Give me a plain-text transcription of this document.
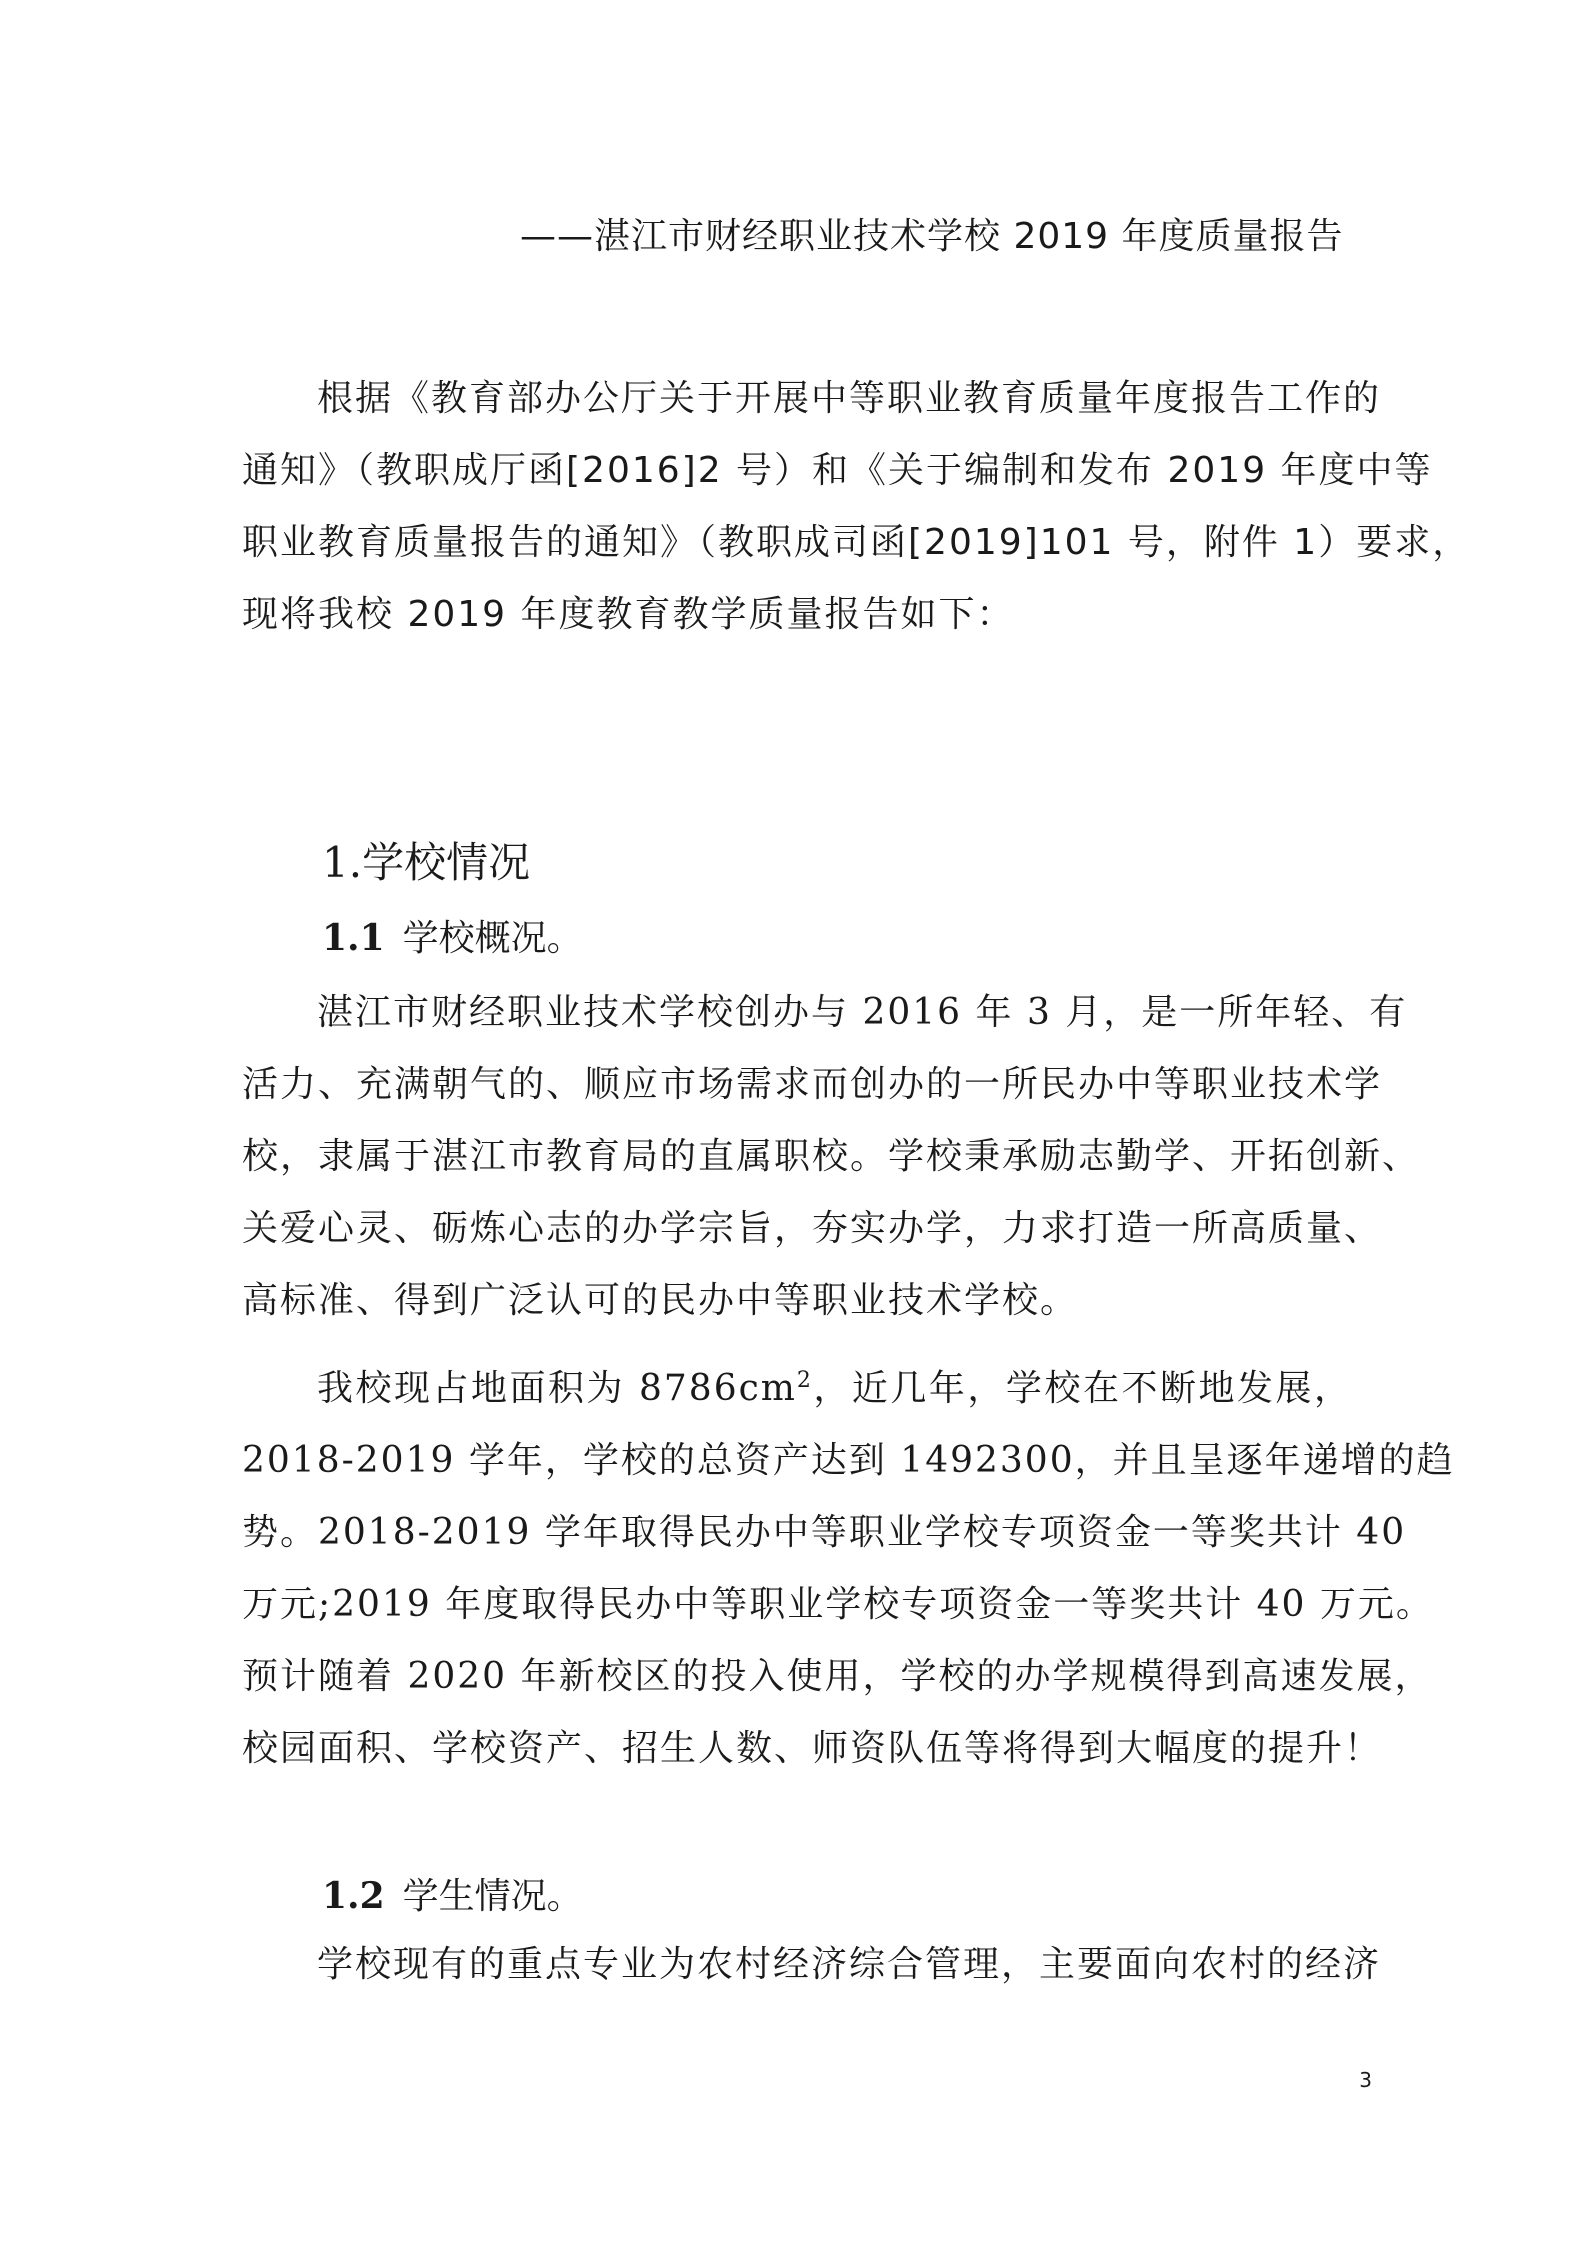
——湛江市财经职业技术学校 2019 年度质量报告
根据《教育部办公厅关于开展中等职业教育质量年度报告工作的
通知》（教职成厅函[2016]2 号）和《关于编制和发布 2019 年度中等
职业教育质量报告的通知》（教职成司函[2019]101 号，附件 1）要求，
现将我校 2019 年度教育教学质量报告如下：
1.学校情况
1.1 学校概况。
湛江市财经职业技术学校创办与 2016 年 3 月，是一所年轻、有
活力、充满朝气的、顺应市场需求而创办的一所民办中等职业技术学
校，隶属于湛江市教育局的直属职校。学校秉承励志勤学、开拓创新、
关爱心灵、砺炼心志的办学宗旨，夯实办学，力求打造一所高质量、
高标准、得到广泛认可的民办中等职业技术学校。
我校现占地面积为 $8786cm^2$，近几年，学校在不断地发展，
2018-2019 学年，学校的总资产达到 1492300，并且呈逐年递增的趋
势。2018-2019 学年取得民办中等职业学校专项资金一等奖共计 40
万元;2019 年度取得民办中等职业学校专项资金一等奖共计 40 万元。
预计随着 2020 年新校区的投入使用，学校的办学规模得到高速发展，
校园面积、学校资产、招生人数、师资队伍等将得到大幅度的提升！
1.2 学生情况。
学校现有的重点专业为农村经济综合管理，主要面向农村的经济
3
